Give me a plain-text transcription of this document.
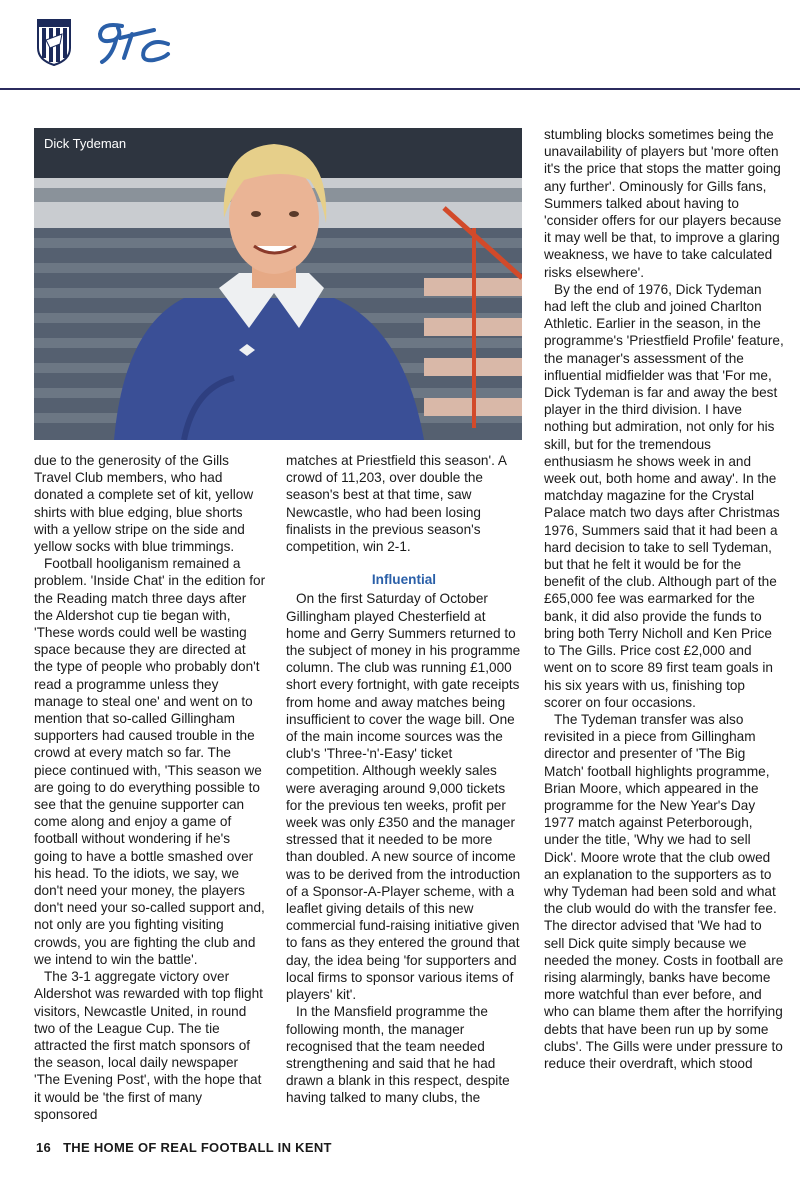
Dick Tydeman

due to the generosity of the Gills Travel Club members, who had donated a complete set of kit, yellow shirts with blue edging, blue shorts with a yellow stripe on the side and yellow socks with blue trimmings.

Football hooliganism remained a problem. 'Inside Chat' in the edition for the Reading match three days after the Aldershot cup tie began with, 'These words could well be wasting space because they are directed at the type of people who probably don't read a programme unless they manage to steal one' and went on to mention that so-called Gillingham supporters had caused trouble in the crowd at every match so far. The piece continued with, 'This season we are going to do everything possible to see that the genuine supporter can come along and enjoy a game of football without wondering if he's going to have a bottle smashed over his head. To the idiots, we say, we don't need your money, the players don't need your so-called support and, not only are you fighting visiting crowds, you are fighting the club and we intend to win the battle'.

The 3-1 aggregate victory over Aldershot was rewarded with top flight visitors, Newcastle United, in round two of the League Cup. The tie attracted the first match sponsors of the season, local daily newspaper 'The Evening Post', with the hope that it would be 'the first of many sponsored

matches at Priestfield this season'. A crowd of 11,203, over double the season's best at that time, saw Newcastle, who had been losing finalists in the previous season's competition, win 2-1.

Influential

On the first Saturday of October Gillingham played Chesterfield at home and Gerry Summers returned to the subject of money in his programme column. The club was running £1,000 short every fortnight, with gate receipts from home and away matches being insufficient to cover the wage bill. One of the main income sources was the club's 'Three-'n'-Easy' ticket competition. Although weekly sales were averaging around 9,000 tickets for the previous ten weeks, profit per week was only £350 and the manager stressed that it needed to be more than doubled. A new source of income was to be derived from the introduction of a Sponsor-A-Player scheme, with a leaflet giving details of this new commercial fund-raising initiative given to fans as they entered the ground that day, the idea being 'for supporters and local firms to sponsor various items of players' kit'.

In the Mansfield programme the following month, the manager recognised that the team needed strengthening and said that he had drawn a blank in this respect, despite having talked to many clubs, the

stumbling blocks sometimes being the unavailability of players but 'more often it's the price that stops the matter going any further'. Ominously for Gills fans, Summers talked about having to 'consider offers for our players because it may well be that, to improve a glaring weakness, we have to take calculated risks elsewhere'.

By the end of 1976, Dick Tydeman had left the club and joined Charlton Athletic. Earlier in the season, in the programme's 'Priestfield Profile' feature, the manager's assessment of the influential midfielder was that 'For me, Dick Tydeman is far and away the best player in the third division. I have nothing but admiration, not only for his skill, but for the tremendous enthusiasm he shows week in and week out, both home and away'. In the matchday magazine for the Crystal Palace match two days after Christmas 1976, Summers said that it had been a hard decision to take to sell Tydeman, but that he felt it would be for the benefit of the club. Although part of the £65,000 fee was earmarked for the bank, it did also provide the funds to bring both Terry Nicholl and Ken Price to The Gills. Price cost £2,000 and went on to score 89 first team goals in his six years with us, finishing top scorer on four occasions.

The Tydeman transfer was also revisited in a piece from Gillingham director and presenter of 'The Big Match' football highlights programme, Brian Moore, which appeared in the programme for the New Year's Day 1977 match against Peterborough, under the title, 'Why we had to sell Dick'. Moore wrote that the club owed an explanation to the supporters as to why Tydeman had been sold and what the club would do with the transfer fee. The director advised that 'We had to sell Dick quite simply because we needed the money. Costs in football are rising alarmingly, banks have become more watchful than ever before, and who can blame them after the horrifying debts that have been run up by some clubs'. The Gills were under pressure to reduce their overdraft, which stood

16 THE HOME OF REAL FOOTBALL IN KENT
